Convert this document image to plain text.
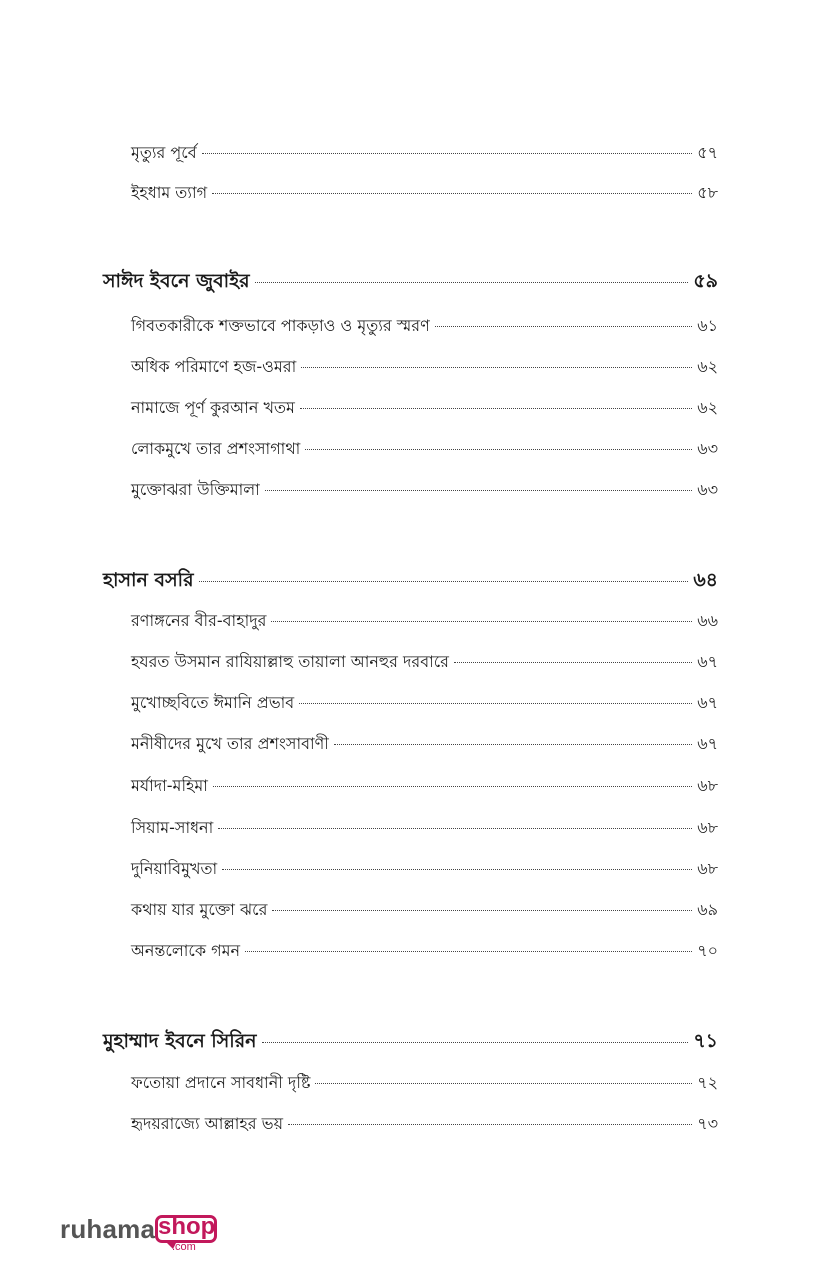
মৃত্যুর পূর্বে	৫৭
ইহধাম ত্যাগ	৫৮
সাঈদ ইবনে জুবাইর	৫৯
গিবতকারীকে শক্তভাবে পাকড়াও ও মৃত্যুর স্মরণ	৬১
অধিক পরিমাণে হজ-ওমরা	৬২
নামাজে পূর্ণ কুরআন খতম	৬২
লোকমুখে তার প্রশংসাগাথা	৬৩
মুক্তোঝরা উক্তিমালা	৬৩
হাসান বসরি	৬৪
রণাঙ্গনের বীর-বাহাদুর	৬৬
হযরত উসমান রাযিয়াল্লাহু তায়ালা আনহুর দরবারে	৬৭
মুখোচ্ছবিতে ঈমানি প্রভাব	৬৭
মনীষীদের মুখে তার প্রশংসাবাণী	৬৭
মর্যাদা-মহিমা	৬৮
সিয়াম-সাধনা	৬৮
দুনিয়াবিমুখতা	৬৮
কথায় যার মুক্তো ঝরে	৬৯
অনন্তলোকে গমন	৭০
মুহাম্মাদ ইবনে সিরিন	৭১
ফতোয়া প্রদানে সাবধানী দৃষ্টি	৭২
হৃদয়রাজ্যে আল্লাহর ভয়	৭৩
ruhama shop
.com
